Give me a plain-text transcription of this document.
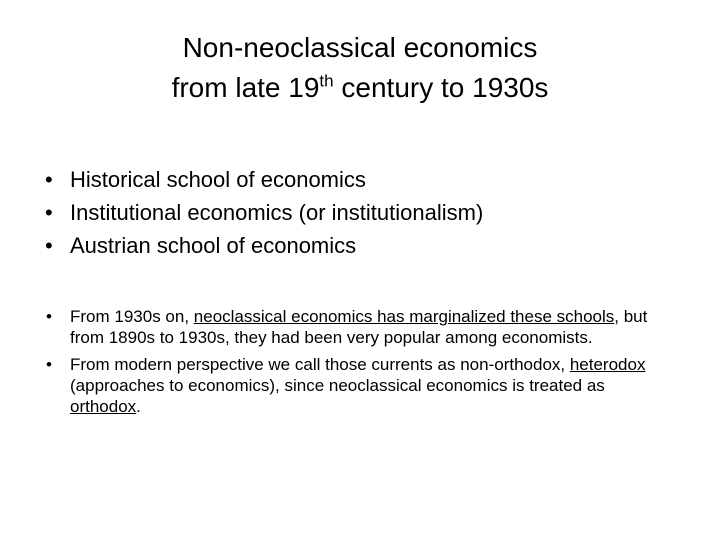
Non-neoclassical economics
from late 19th century to 1930s
• Historical school of economics
• Institutional economics (or institutionalism)
• Austrian school of economics
• From 1930s on, neoclassical economics has marginalized these schools, but from 1890s to 1930s, they had been very popular among economists.
• From modern perspective we call those currents as non-orthodox, heterodox (approaches to economics), since neoclassical economics is treated as orthodox.
